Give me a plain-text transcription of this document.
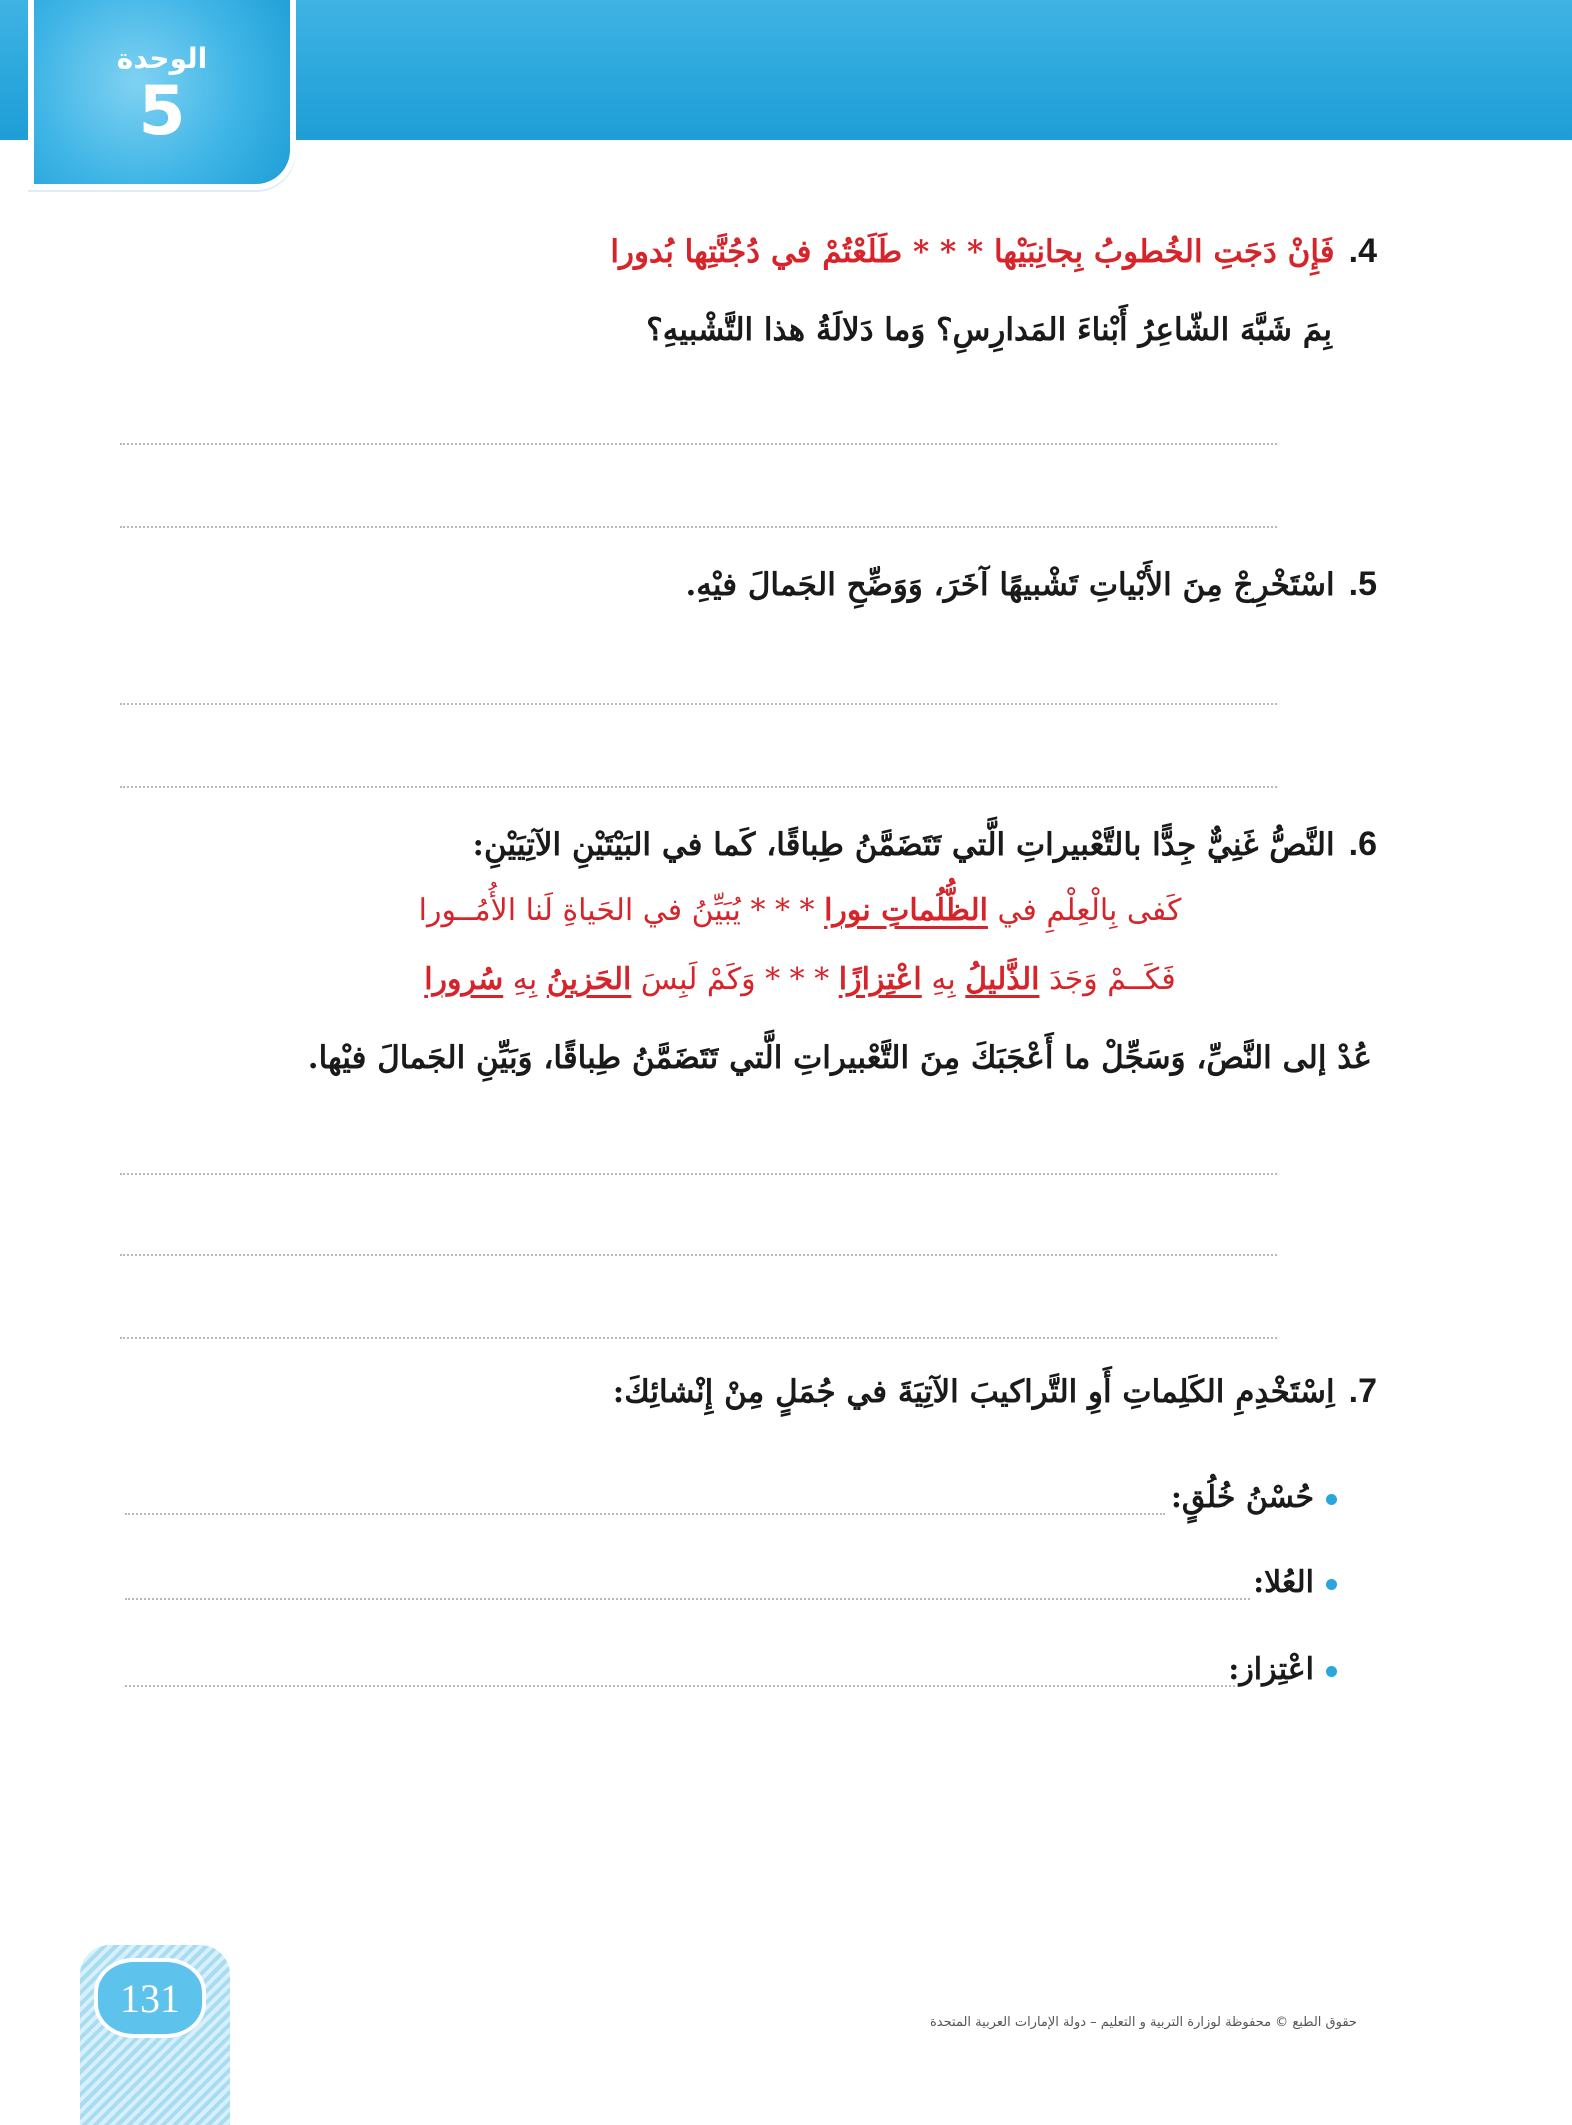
الوحدة
5
4.فَإِنْ دَجَتِ الخُطوبُ بِجانِبَيْها * * * طَلَعْتُمْ في دُجُنَّتِها بُدورا
بِمَ شَبَّهَ الشّاعِرُ أَبْناءَ المَدارِسِ؟ وَما دَلالَةُ هذا التَّشْبيهِ؟
5.اسْتَخْرِجْ مِنَ الأَبْياتِ تَشْبيهًا آخَرَ، وَوَضِّحِ الجَمالَ فيْهِ.
6.النَّصُّ غَنِيٌّ جِدًّا بالتَّعْبيراتِ الَّتي تَتَضَمَّنُ طِباقًا، كَما في البَيْتَيْنِ الآتِيَيْنِ:
كَفى بِالْعِلْمِ في الظُّلُماتِ نورا * * * يُبَيِّنُ في الحَياةِ لَنا الأُمُــورا
فَكَــمْ وَجَدَ الذَّليلُ بِهِ اعْتِزازًا * * * وَكَمْ لَبِسَ الحَزينُ بِهِ سُرورا
عُدْ إلى النَّصِّ، وَسَجِّلْ ما أَعْجَبَكَ مِنَ التَّعْبيراتِ الَّتي تَتَضَمَّنُ طِباقًا، وَبَيِّنِ الجَمالَ فيْها.
7.اِسْتَخْدِمِ الكَلِماتِ أَوِ التَّراكيبَ الآتِيَةَ في جُمَلٍ مِنْ إِنْشائِكَ:
حُسْنُ خُلُقٍ:
العُلا:
اعْتِزاز:
131
حقوق الطبع © محفوظة لوزارة التربية و التعليم – دولة الإمارات العربية المتحدة
